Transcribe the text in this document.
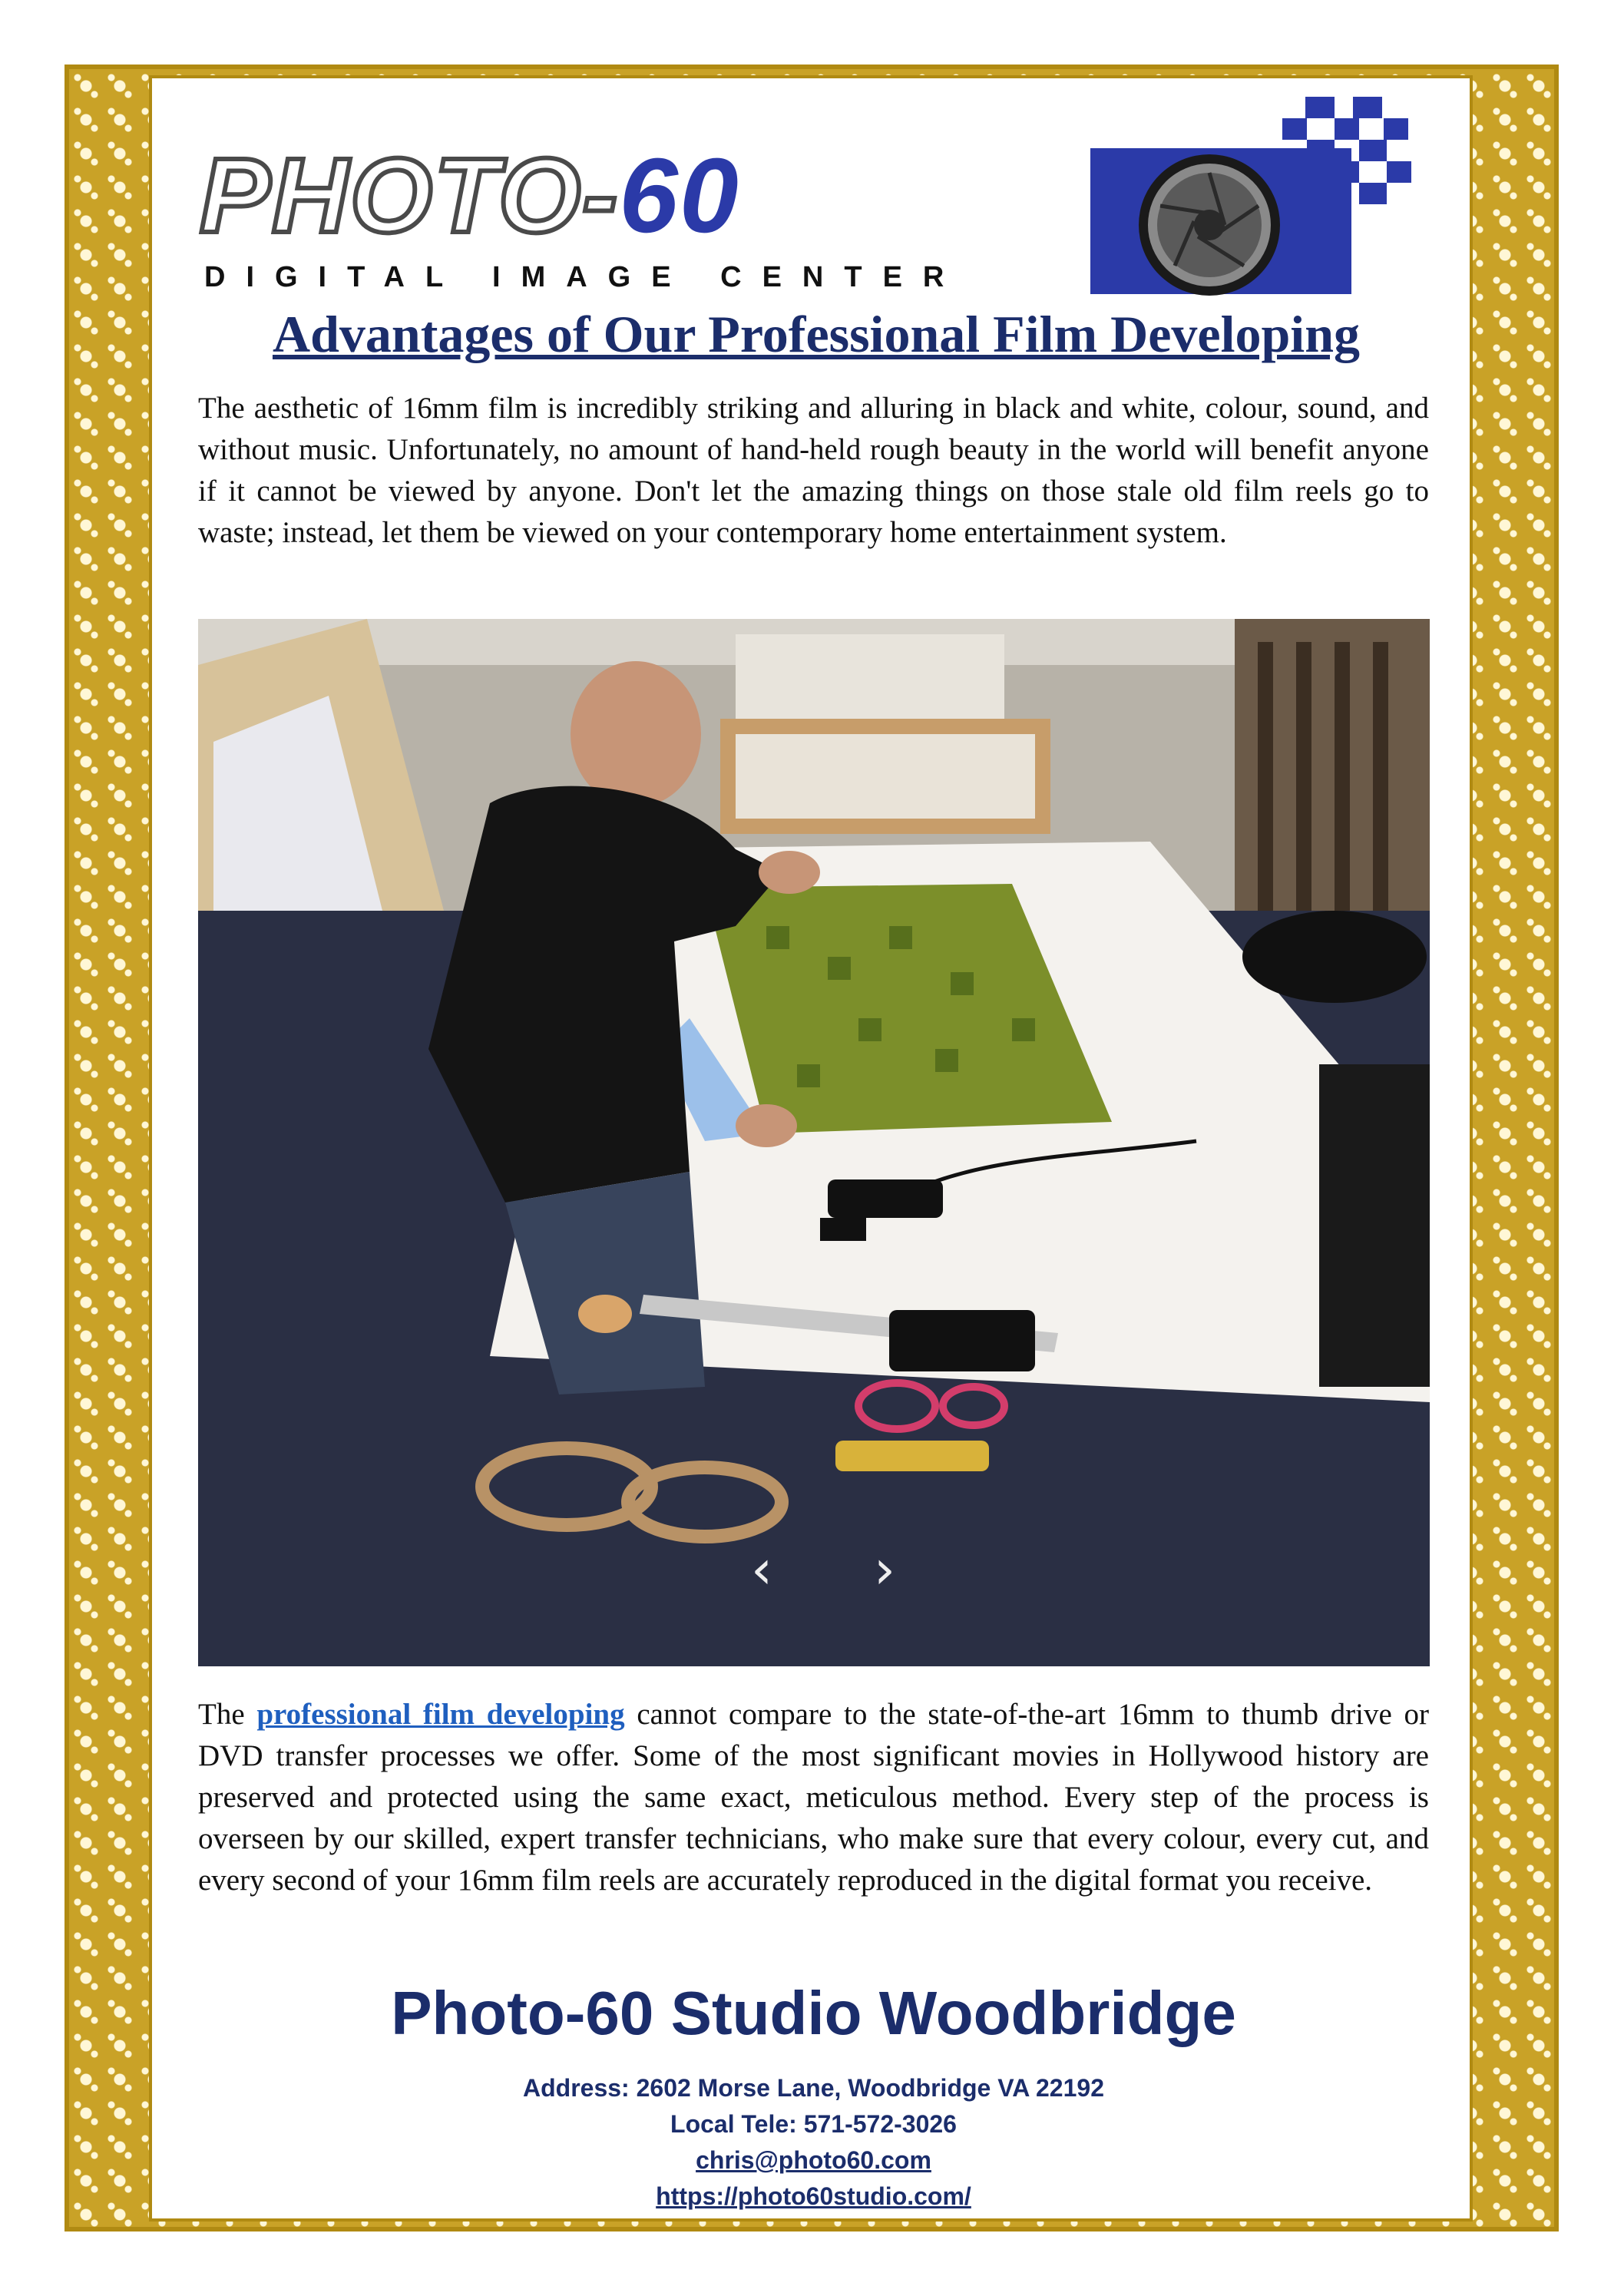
PHOTO-60
DIGITAL IMAGE CENTER
Advantages of Our Professional Film Developing
The aesthetic of 16mm film is incredibly striking and alluring in black and white, colour, sound, and without music. Unfortunately, no amount of hand-held rough beauty in the world will benefit anyone if it cannot be viewed by anyone. Don't let the amazing things on those stale old film reels go to waste; instead, let them be viewed on your contemporary home entertainment system.
‹ ›
The professional film developing cannot compare to the state-of-the-art 16mm to thumb drive or DVD transfer processes we offer. Some of the most significant movies in Hollywood history are preserved and protected using the same exact, meticulous method. Every step of the process is overseen by our skilled, expert transfer technicians, who make sure that every colour, every cut, and every second of your 16mm film reels are accurately reproduced in the digital format you receive.
Photo-60 Studio Woodbridge
Address: 2602 Morse Lane, Woodbridge VA 22192
Local Tele: 571-572-3026
chris@photo60.com
https://photo60studio.com/
